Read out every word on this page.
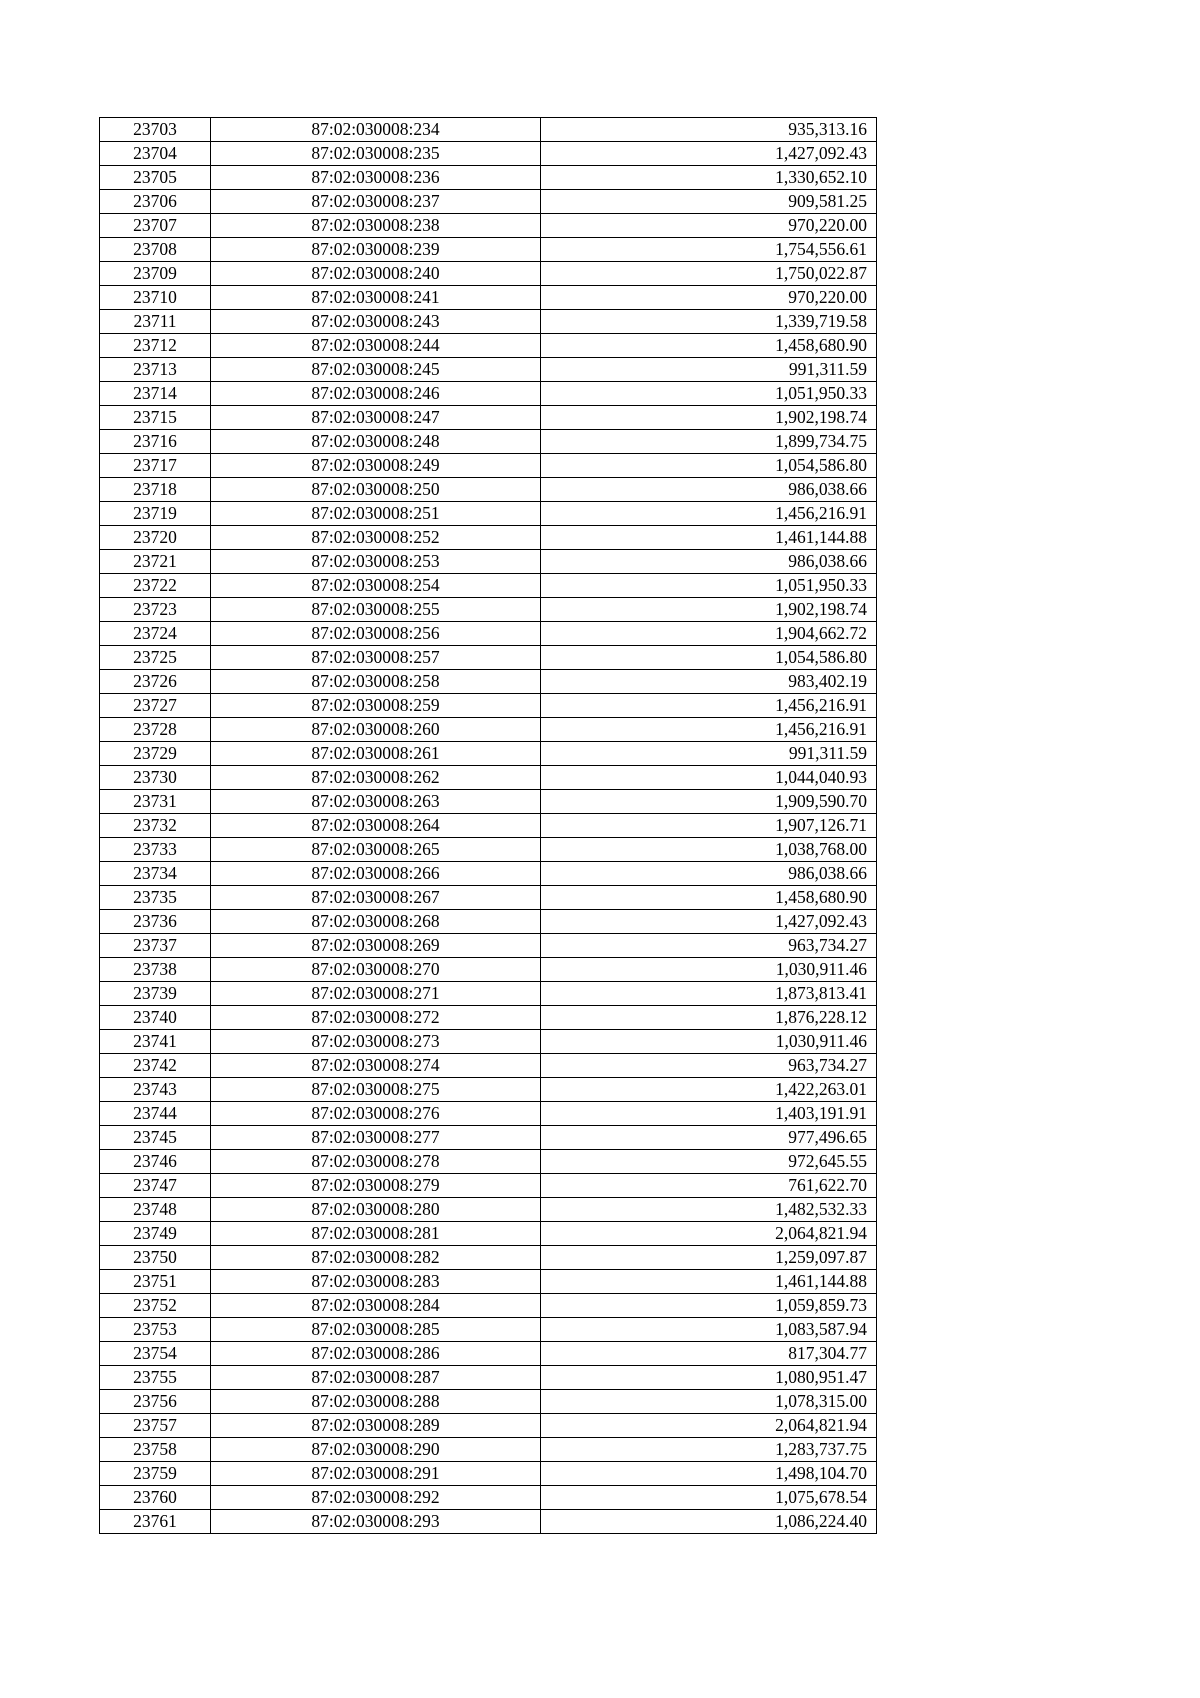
23703	87:02:030008:234	935,313.16
23704	87:02:030008:235	1,427,092.43
23705	87:02:030008:236	1,330,652.10
23706	87:02:030008:237	909,581.25
23707	87:02:030008:238	970,220.00
23708	87:02:030008:239	1,754,556.61
23709	87:02:030008:240	1,750,022.87
23710	87:02:030008:241	970,220.00
23711	87:02:030008:243	1,339,719.58
23712	87:02:030008:244	1,458,680.90
23713	87:02:030008:245	991,311.59
23714	87:02:030008:246	1,051,950.33
23715	87:02:030008:247	1,902,198.74
23716	87:02:030008:248	1,899,734.75
23717	87:02:030008:249	1,054,586.80
23718	87:02:030008:250	986,038.66
23719	87:02:030008:251	1,456,216.91
23720	87:02:030008:252	1,461,144.88
23721	87:02:030008:253	986,038.66
23722	87:02:030008:254	1,051,950.33
23723	87:02:030008:255	1,902,198.74
23724	87:02:030008:256	1,904,662.72
23725	87:02:030008:257	1,054,586.80
23726	87:02:030008:258	983,402.19
23727	87:02:030008:259	1,456,216.91
23728	87:02:030008:260	1,456,216.91
23729	87:02:030008:261	991,311.59
23730	87:02:030008:262	1,044,040.93
23731	87:02:030008:263	1,909,590.70
23732	87:02:030008:264	1,907,126.71
23733	87:02:030008:265	1,038,768.00
23734	87:02:030008:266	986,038.66
23735	87:02:030008:267	1,458,680.90
23736	87:02:030008:268	1,427,092.43
23737	87:02:030008:269	963,734.27
23738	87:02:030008:270	1,030,911.46
23739	87:02:030008:271	1,873,813.41
23740	87:02:030008:272	1,876,228.12
23741	87:02:030008:273	1,030,911.46
23742	87:02:030008:274	963,734.27
23743	87:02:030008:275	1,422,263.01
23744	87:02:030008:276	1,403,191.91
23745	87:02:030008:277	977,496.65
23746	87:02:030008:278	972,645.55
23747	87:02:030008:279	761,622.70
23748	87:02:030008:280	1,482,532.33
23749	87:02:030008:281	2,064,821.94
23750	87:02:030008:282	1,259,097.87
23751	87:02:030008:283	1,461,144.88
23752	87:02:030008:284	1,059,859.73
23753	87:02:030008:285	1,083,587.94
23754	87:02:030008:286	817,304.77
23755	87:02:030008:287	1,080,951.47
23756	87:02:030008:288	1,078,315.00
23757	87:02:030008:289	2,064,821.94
23758	87:02:030008:290	1,283,737.75
23759	87:02:030008:291	1,498,104.70
23760	87:02:030008:292	1,075,678.54
23761	87:02:030008:293	1,086,224.40
